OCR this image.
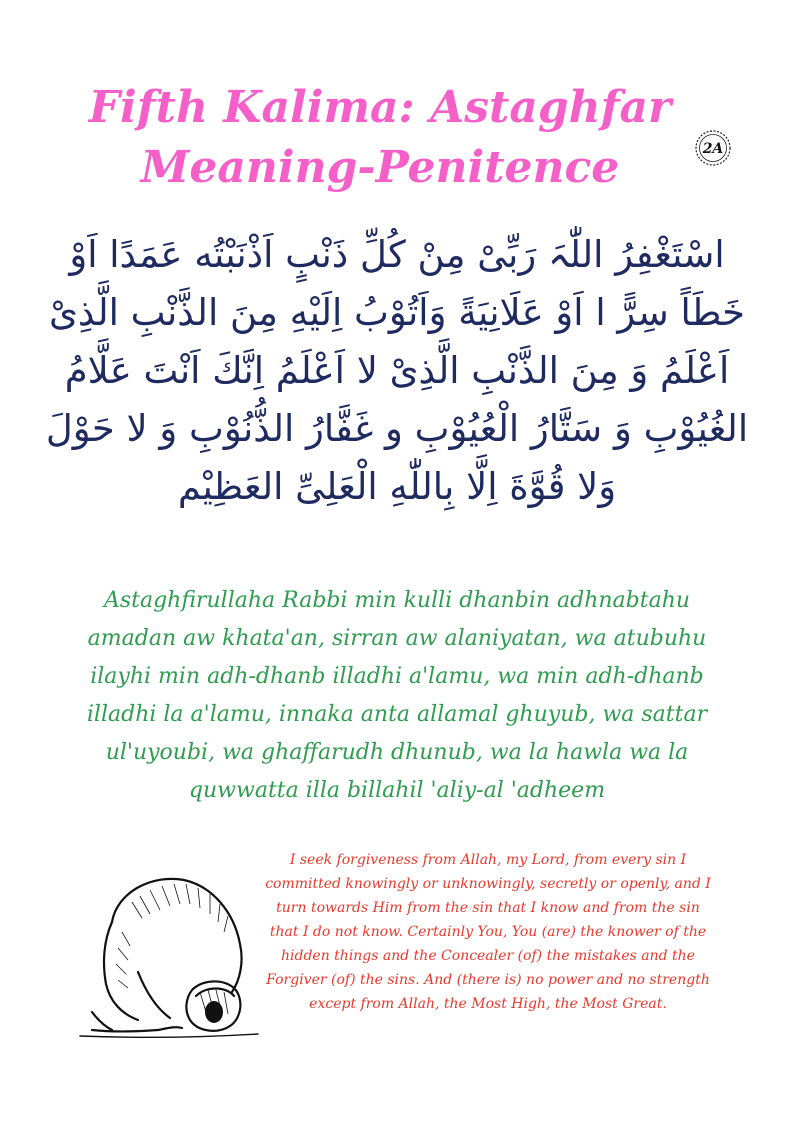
Fifth Kalima: Astaghfar
Meaning-Penitence	2A

اسْتَغْفِرُ اللّٰہَ رَبِّىْ مِنْ كُلِّ ذَنْبٍ اَذْنَبْتُه عَمَدًا اَوْ خَطَاً سِرًّ ا اَوْ عَلَانِيَةً وَاَتُوْبُ اِلَيْهِ مِنَ الذَّنْبِ الَّذِىْ اَعْلَمُ وَ مِنَ الذَّنْبِ الَّذِىْ لا اَعْلَمُ اِنَّكَ اَنْتَ عَلَّامُ الغُيُوْبِ وَ سَتَّارُ الْعُيُوْبِ و غَفَّارُ الذُّنُوْبِ وَ لا حَوْلَ وَلا قُوَّةَ اِلَّا بِاللّٰهِ الْعَلِىِّ العَظِيْم

Astaghfirullaha Rabbi min kulli dhanbin adhnabtahu amadan aw khata'an, sirran aw alaniyatan, wa atubuhu ilayhi min adh-dhanb illadhi a'lamu, wa min adh-dhanb illadhi la a'lamu, innaka anta allamal ghuyub, wa sattar ul'uyoubi, wa ghaffarudh dhunub, wa la hawla wa la quwwatta illa billahil 'aliy-al 'adheem

I seek forgiveness from Allah, my Lord, from every sin I committed knowingly or unknowingly, secretly or openly, and I turn towards Him from the sin that I know and from the sin that I do not know. Certainly You, You (are) the knower of the hidden things and the Concealer (of) the mistakes and the Forgiver (of) the sins. And (there is) no power and no strength except from Allah, the Most High, the Most Great.
